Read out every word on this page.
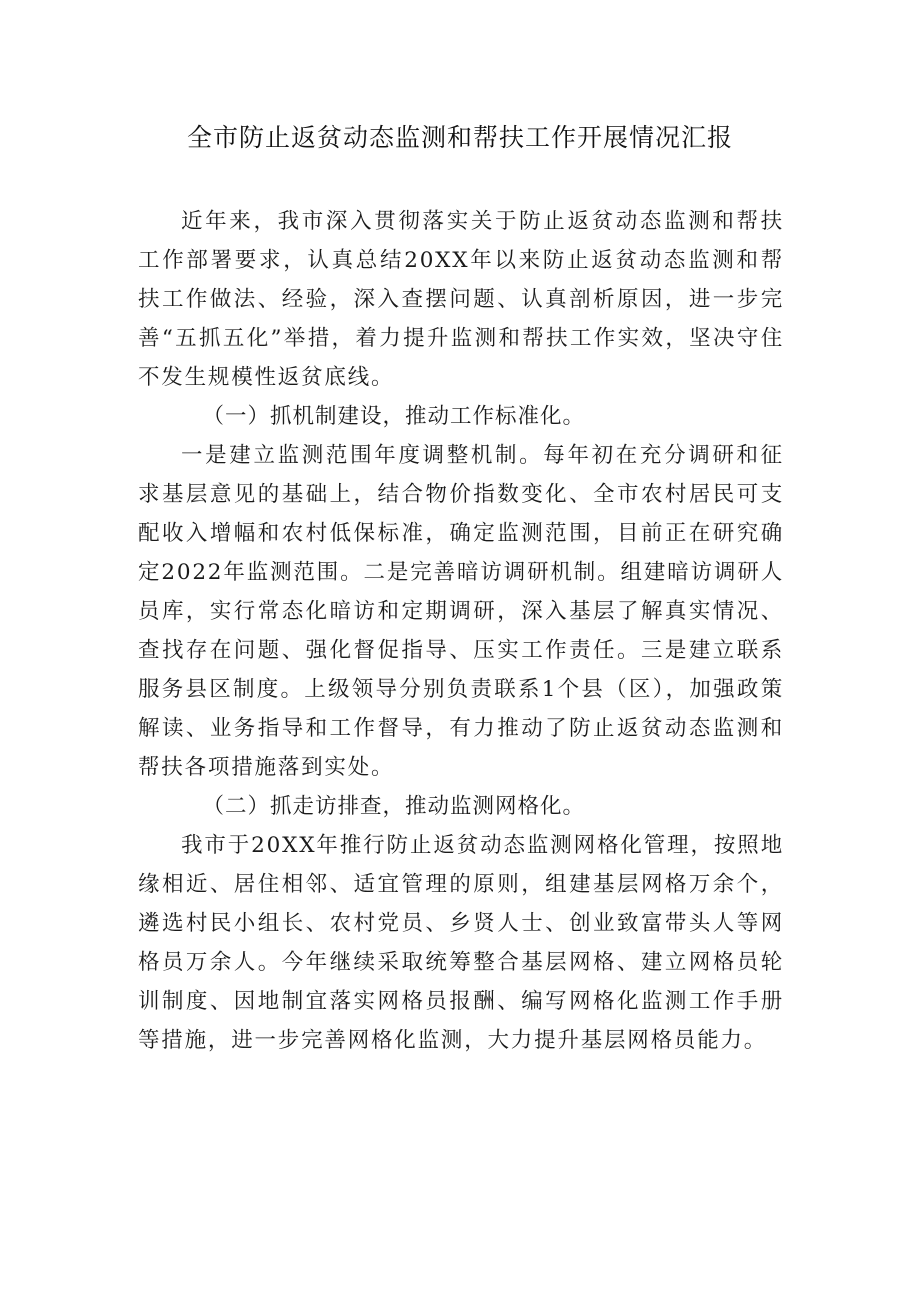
全市防止返贫动态监测和帮扶工作开展情况汇报

近年来，我市深入贯彻落实关于防止返贫动态监测和帮扶工作部署要求，认真总结20XX年以来防止返贫动态监测和帮扶工作做法、经验，深入查摆问题、认真剖析原因，进一步完善“五抓五化”举措，着力提升监测和帮扶工作实效，坚决守住不发生规模性返贫底线。

（一）抓机制建设，推动工作标准化。

一是建立监测范围年度调整机制。每年初在充分调研和征求基层意见的基础上，结合物价指数变化、全市农村居民可支配收入增幅和农村低保标准，确定监测范围，目前正在研究确定2022年监测范围。二是完善暗访调研机制。组建暗访调研人员库，实行常态化暗访和定期调研，深入基层了解真实情况、查找存在问题、强化督促指导、压实工作责任。三是建立联系服务县区制度。上级领导分别负责联系1个县（区），加强政策解读、业务指导和工作督导，有力推动了防止返贫动态监测和帮扶各项措施落到实处。

（二）抓走访排查，推动监测网格化。

我市于20XX年推行防止返贫动态监测网格化管理，按照地缘相近、居住相邻、适宜管理的原则，组建基层网格万余个，遴选村民小组长、农村党员、乡贤人士、创业致富带头人等网格员万余人。今年继续采取统筹整合基层网格、建立网格员轮训制度、因地制宜落实网格员报酬、编写网格化监测工作手册等措施，进一步完善网格化监测，大力提升基层网格员能力。
